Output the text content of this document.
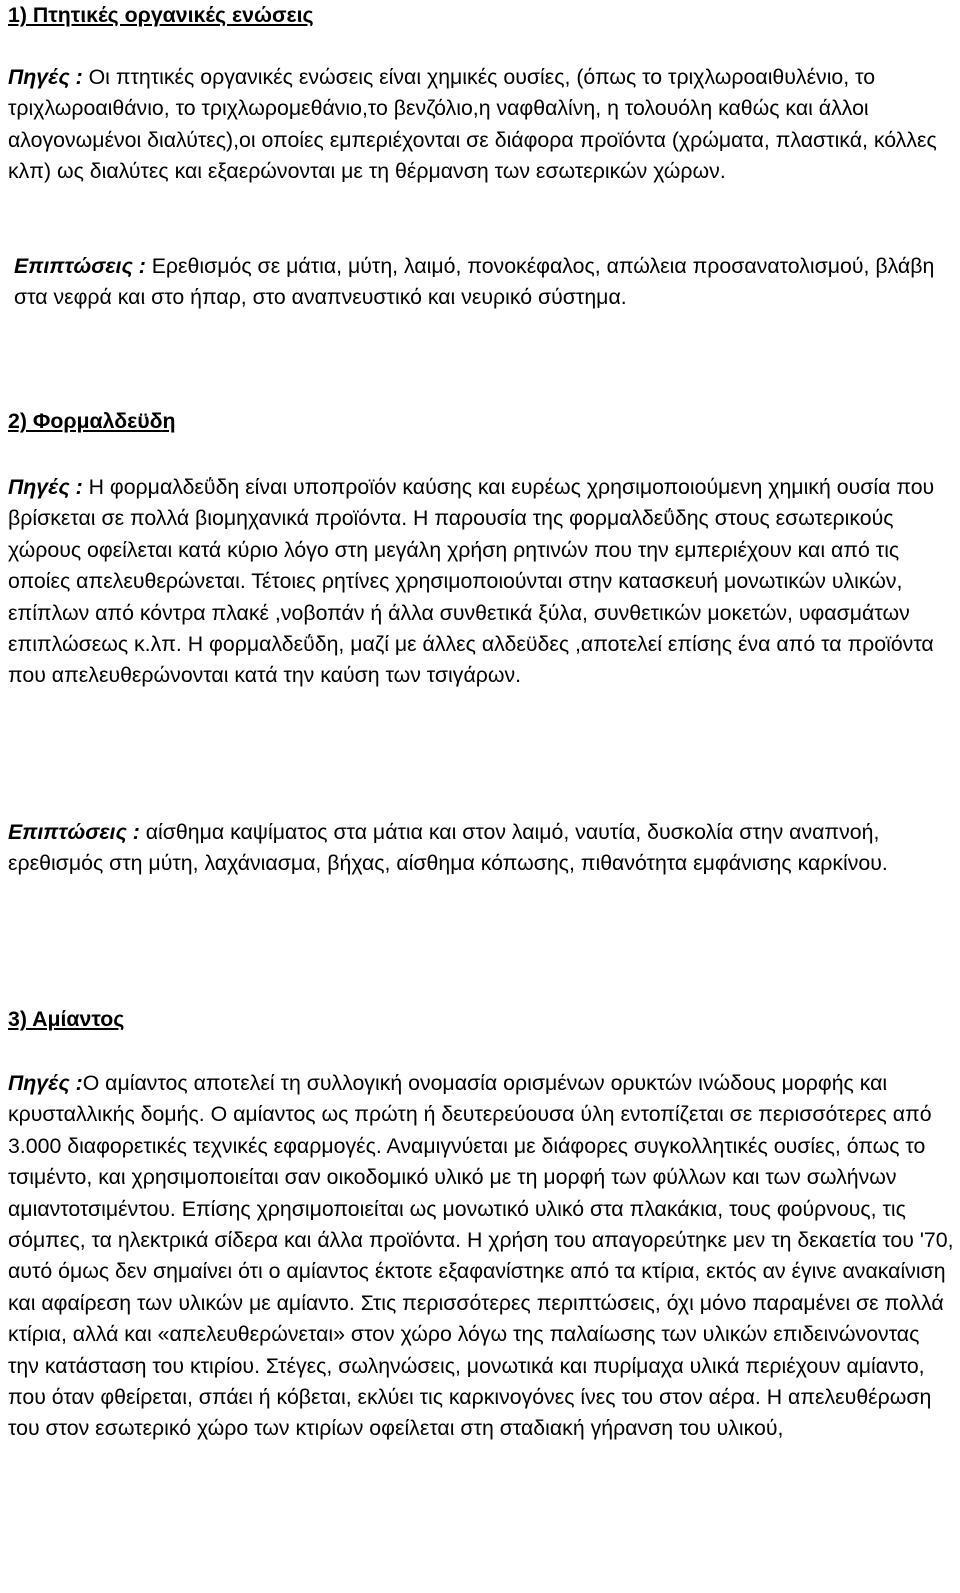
1) Πτητικές οργανικές ενώσεις

Πηγές : Οι πτητικές οργανικές ενώσεις είναι χημικές ουσίες, (όπως το τριχλωροαιθυλένιο, το τριχλωροαιθάνιο, το τριχλωρομεθάνιο,το βενζόλιο,η ναφθαλίνη, η τολουόλη καθώς και άλλοι αλογονωμένοι διαλύτες),οι οποίες εμπεριέχονται σε διάφορα προϊόντα (χρώματα, πλαστικά, κόλλες κλπ) ως διαλύτες και εξαερώνονται με τη θέρμανση των εσωτερικών χώρων.

Επιπτώσεις : Ερεθισμός σε μάτια, μύτη, λαιμό, πονοκέφαλος, απώλεια προσανατολισμού, βλάβη στα νεφρά και στο ήπαρ, στο αναπνευστικό και νευρικό σύστημα.

2) Φορμαλδεϋδη

Πηγές : Η φορμαλδεΰδη είναι υποπροϊόν καύσης και ευρέως χρησιμοποιούμενη χημική ουσία που βρίσκεται σε πολλά βιομηχανικά προϊόντα. Η παρουσία της φορμαλδεΰδης στους εσωτερικούς χώρους οφείλεται κατά κύριο λόγο στη μεγάλη χρήση ρητινών που την εμπεριέχουν και από τις οποίες απελευθερώνεται. Τέτοιες ρητίνες χρησιμοποιούνται στην κατασκευή μονωτικών υλικών, επίπλων από κόντρα πλακέ ,νοβοπάν ή άλλα συνθετικά ξύλα, συνθετικών μοκετών, υφασμάτων επιπλώσεως κ.λπ. Η φορμαλδεΰδη, μαζί με άλλες αλδεϋδες ,αποτελεί επίσης ένα από τα προϊόντα που απελευθερώνονται κατά την καύση των τσιγάρων.

Επιπτώσεις : αίσθημα καψίματος στα μάτια και στον λαιμό, ναυτία, δυσκολία στην αναπνοή, ερεθισμός στη μύτη, λαχάνιασμα, βήχας, αίσθημα κόπωσης, πιθανότητα εμφάνισης καρκίνου.

3) Αμίαντος

Πηγές :Ο αμίαντος αποτελεί τη συλλογική ονομασία ορισμένων ορυκτών ινώδους μορφής και κρυσταλλικής δομής. Ο αμίαντος ως πρώτη ή δευτερεύουσα ύλη εντοπίζεται σε περισσότερες από 3.000 διαφορετικές τεχνικές εφαρμογές. Αναμιγνύεται με διάφορες συγκολλητικές ουσίες, όπως το τσιμέντο, και χρησιμοποιείται σαν οικοδομικό υλικό με τη μορφή των φύλλων και των σωλήνων αμιαντοτσιμέντου. Επίσης χρησιμοποιείται ως μονωτικό υλικό στα πλακάκια, τους φούρνους, τις σόμπες, τα ηλεκτρικά σίδερα και άλλα προϊόντα. Η χρήση του απαγορεύτηκε μεν τη δεκαετία του '70, αυτό όμως δεν σημαίνει ότι ο αμίαντος έκτοτε εξαφανίστηκε από τα κτίρια, εκτός αν έγινε ανακαίνιση και αφαίρεση των υλικών με αμίαντο. Στις περισσότερες περιπτώσεις, όχι μόνο παραμένει σε πολλά κτίρια, αλλά και «απελευθερώνεται» στον χώρο λόγω της παλαίωσης των υλικών επιδεινώνοντας την κατάσταση του κτιρίου. Στέγες, σωληνώσεις, μονωτικά και πυρίμαχα υλικά περιέχουν αμίαντο, που όταν φθείρεται, σπάει ή κόβεται, εκλύει τις καρκινογόνες ίνες του στον αέρα. Η απελευθέρωση του στον εσωτερικό χώρο των κτιρίων οφείλεται στη σταδιακή γήρανση του υλικού,
